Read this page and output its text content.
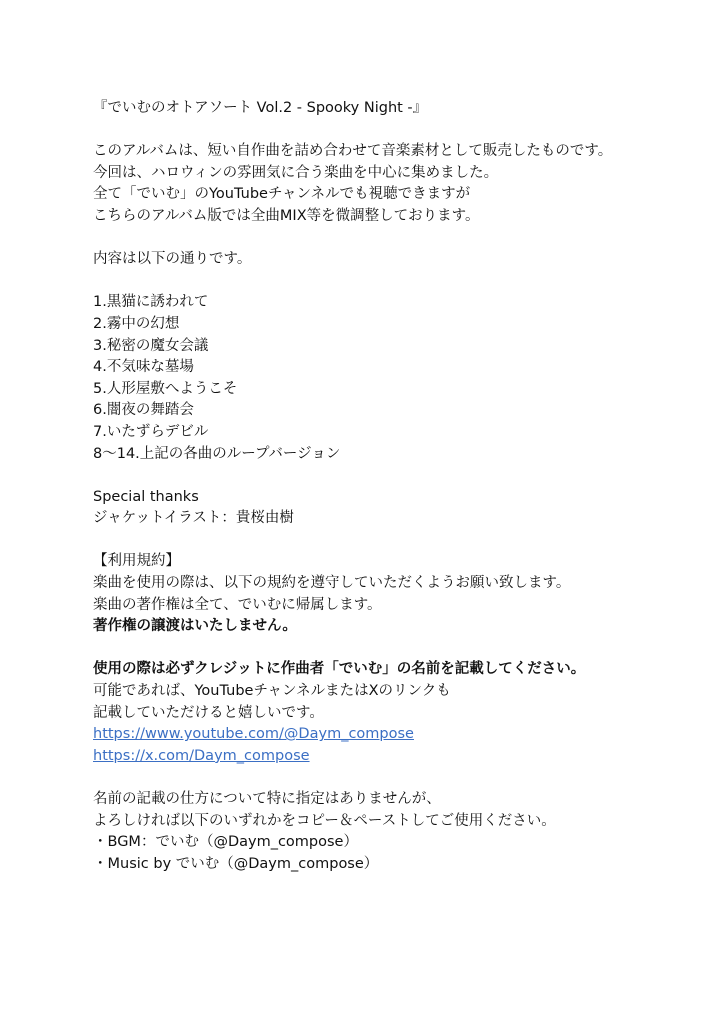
『でいむのオトアソート Vol.2 - Spooky Night -』
このアルバムは、短い自作曲を詰め合わせて音楽素材として販売したものです。
今回は、ハロウィンの雰囲気に合う楽曲を中心に集めました。
全て「でいむ」のYouTubeチャンネルでも視聴できますが
こちらのアルバム版では全曲MIX等を微調整しております。
内容は以下の通りです。
1.黒猫に誘われて
2.霧中の幻想
3.秘密の魔女会議
4.不気味な墓場
5.人形屋敷へようこそ
6.闇夜の舞踏会
7.いたずらデビル
8〜14.上記の各曲のループバージョン
Special thanks
ジャケットイラスト：貴桜由樹
【利用規約】
楽曲を使用の際は、以下の規約を遵守していただくようお願い致します。
楽曲の著作権は全て、でいむに帰属します。
著作権の譲渡はいたしません。
使用の際は必ずクレジットに作曲者「でいむ」の名前を記載してください。
可能であれば、YouTubeチャンネルまたはXのリンクも
記載していただけると嬉しいです。
https://www.youtube.com/@Daym_compose
https://x.com/Daym_compose
名前の記載の仕方について特に指定はありませんが、
よろしければ以下のいずれかをコピー＆ペーストしてご使用ください。
・BGM：でいむ（@Daym_compose）
・Music by でいむ（@Daym_compose）
